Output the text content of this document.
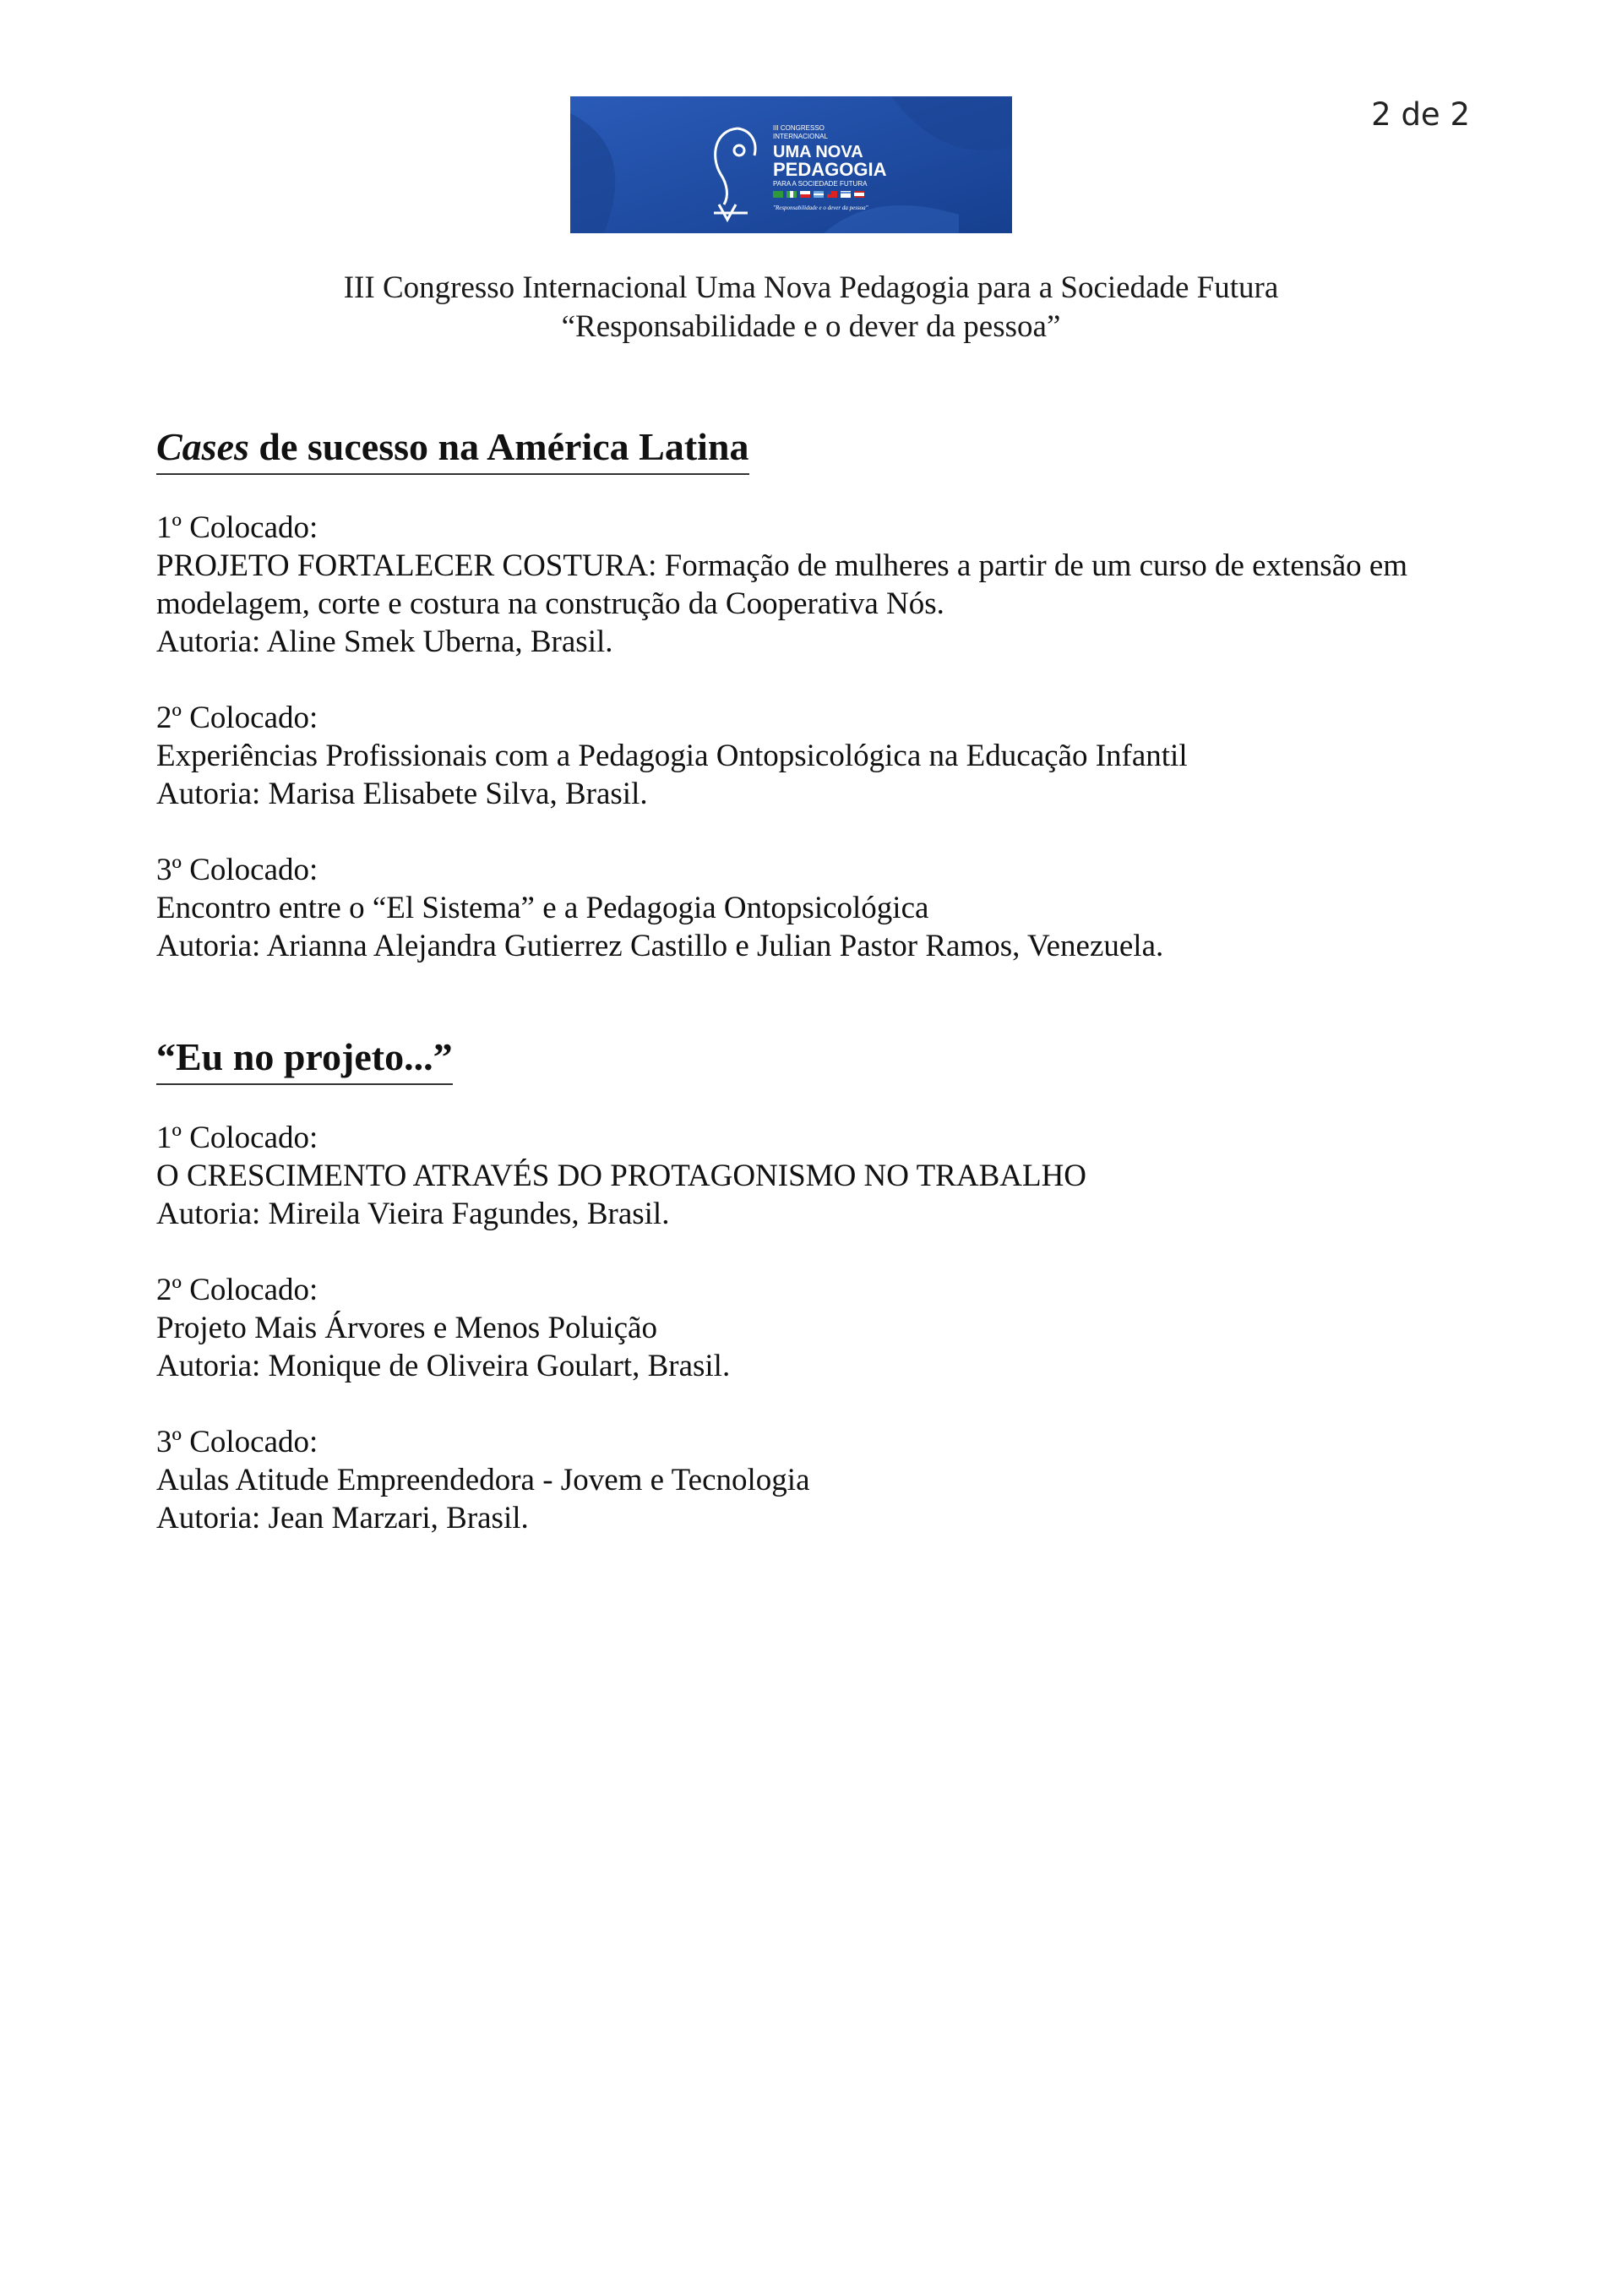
2 de 2
III CONGRESSO
INTERNACIONAL
UMA NOVA
PEDAGOGIA
PARA A SOCIEDADE FUTURA
"Responsabilidade e o dever da pessoa"
III Congresso Internacional Uma Nova Pedagogia para a Sociedade Futura
“Responsabilidade e o dever da pessoa”
Cases de sucesso na América Latina
1º Colocado:
PROJETO FORTALECER COSTURA: Formação de mulheres a partir de um curso de extensão em modelagem, corte e costura na construção da Cooperativa Nós.
Autoria: Aline Smek Uberna, Brasil.
2º Colocado:
Experiências Profissionais com a Pedagogia Ontopsicológica na Educação Infantil
Autoria: Marisa Elisabete Silva, Brasil.
3º Colocado:
Encontro entre o “El Sistema” e a Pedagogia Ontopsicológica
Autoria: Arianna Alejandra Gutierrez Castillo e Julian Pastor Ramos, Venezuela.
“Eu no projeto...”
1º Colocado:
O CRESCIMENTO ATRAVÉS DO PROTAGONISMO NO TRABALHO
Autoria: Mireila Vieira Fagundes, Brasil.
2º Colocado:
Projeto Mais Árvores e Menos Poluição
Autoria: Monique de Oliveira Goulart, Brasil.
3º Colocado:
Aulas Atitude Empreendedora - Jovem e Tecnologia
Autoria: Jean Marzari, Brasil.
